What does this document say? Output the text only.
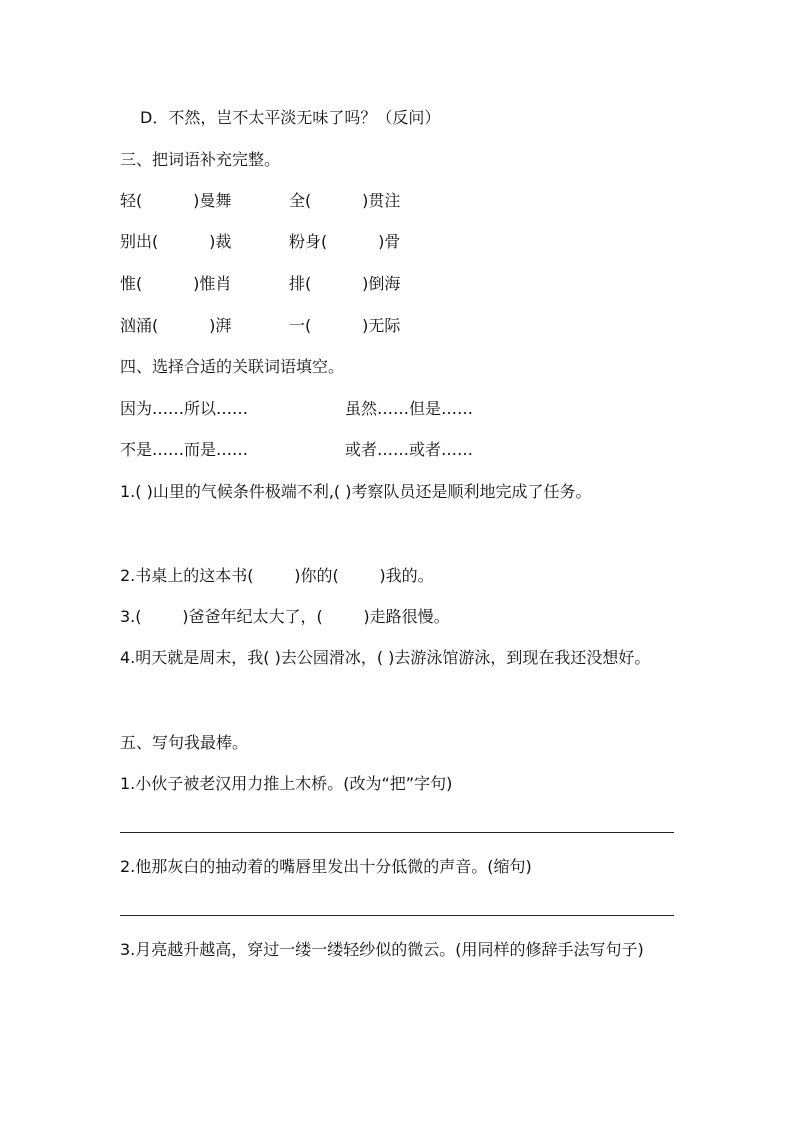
D．不然，岂不太平淡无味了吗？（反问）
三、把词语补充完整。
轻(          )曼舞	全(          )贯注
别出(          )裁	粉身(          )骨
惟(          )惟肖	排(          )倒海
汹涌(          )湃	一(          )无际
四、选择合适的关联词语填空。
因为……所以……	虽然……但是……
不是……而是……	或者……或者……
1.( )山里的气候条件极端不利,( )考察队员还是顺利地完成了任务。
2.书桌上的这本书(        )你的(        )我的。
3.(        )爸爸年纪太大了，(        )走路很慢。
4.明天就是周末，我( )去公园滑冰，( )去游泳馆游泳，到现在我还没想好。
五、写句我最棒。
1.小伙子被老汉用力推上木桥。(改为“把”字句)
2.他那灰白的抽动着的嘴唇里发出十分低微的声音。(缩句)
3.月亮越升越高，穿过一缕一缕轻纱似的微云。(用同样的修辞手法写句子)
